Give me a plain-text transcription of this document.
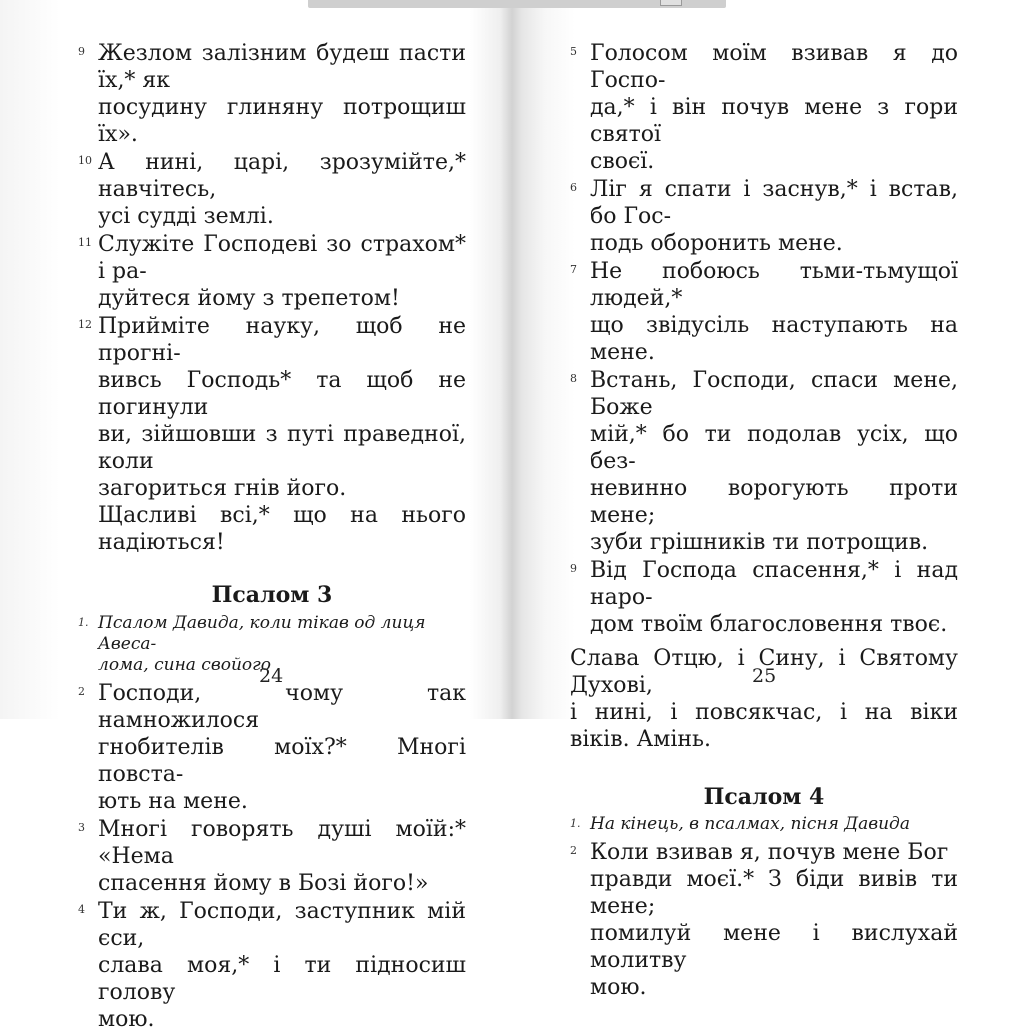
9 Жезлом залізним будеш пасти їх,* як
посудину глиняну потрощиш їх».
10 А нині, царі, зрозумійте,* навчітесь,
усі судді землі.
11 Служіте Господеві зо страхом* і ра-
дуйтеся йому з трепетом!
12 Прийміте науку, щоб не прогні-
вивсь Господь* та щоб не погинули
ви, зійшовши з путі праведної, коли
загориться гнів його.
Щасливі всі,* що на нього надіються!
Псалом 3
1. Псалом Давида, коли тікав од лиця Авеса-
лома, сина свойого
2 Господи, чому так намножилося
гнобителів моїх?* Многі повста-
ють на мене.
3 Многі говорять душі моїй:* «Нема
спасення йому в Бозі його!»
4 Ти ж, Господи, заступник мій єси,
слава моя,* і ти підносиш голову
мою.
24
5 Голосом моїм взивав я до Госпо-
да,* і він почув мене з гори святої
своєї.
6 Ліг я спати і заснув,* і встав, бо Гос-
подь оборонить мене.
7 Не побоюсь тьми-тьмущої людей,*
що звідусіль наступають на мене.
8 Встань, Господи, спаси мене, Боже
мій,* бо ти подолав усіх, що без-
невинно ворогують проти мене;
зуби грішників ти потрощив.
9 Від Господа спасення,* і над наро-
дом твоїм благословення твоє.
Слава Отцю, і Сину, і Святому Духові,
і нині, і повсякчас, і на віки віків. Амінь.
Псалом 4
1. На кінець, в псалмах, пісня Давида
2 Коли взивав я, почув мене Бог
правди моєї.* З біди вивів ти мене;
помилуй мене і вислухай молитву
мою.
25
